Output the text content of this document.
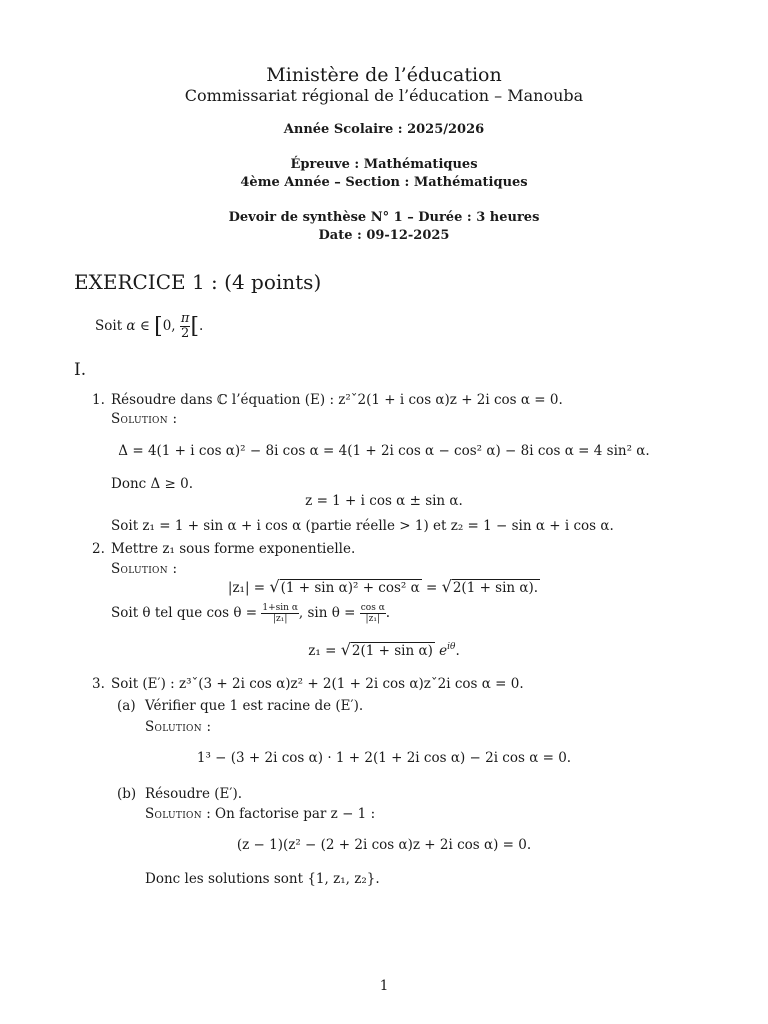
Ministère de l’éducation
Commissariat régional de l’éducation – Manouba
Année Scolaire : 2025/2026
Épreuve : Mathématiques
4ème Année – Section : Mathématiques
Devoir de synthèse N° 1 – Durée : 3 heures
Date : 09-12-2025
EXERCICE 1 : (4 points)
Soit α ∈ [0, $\frac{\pi}{2}$ [.
I.
1. Résoudre dans ℂ l’équation (E) : z²ˇ2(1 + i cos α)z + 2i cos α = 0.
Solution :
Δ = 4(1 + i cos α)² − 8i cos α = 4(1 + 2i cos α − cos² α) − 8i cos α = 4 sin² α.
Donc Δ ≥ 0.
z = 1 + i cos α ± sin α.
Soit z₁ = 1 + sin α + i cos α (partie réelle > 1) et z₂ = 1 − sin α + i cos α.
2. Mettre z₁ sous forme exponentielle.
Solution :
|z₁| = √(1 + sin α)² + cos² α = √2(1 + sin α).
Soit θ tel que $\cos \theta = \frac{\text{1+sin α}}{\text{|z₁|}}$ , $\sin \theta = \frac{\text{cos α}}{\text{|z₁|}}$ .
z₁ = √2(1 + sin α) $e^{i\theta}$.
3. Soit (E′) : z³ˇ(3 + 2i cos α)z² + 2(1 + 2i cos α)zˇ2i cos α = 0.
(a) Vérifier que 1 est racine de (E′).
Solution :
1³ − (3 + 2i cos α) · 1 + 2(1 + 2i cos α) − 2i cos α = 0.
(b) Résoudre (E′).
Solution : On factorise par z − 1 :
(z − 1)(z² − (2 + 2i cos α)z + 2i cos α) = 0.
Donc les solutions sont {1, z₁, z₂}.
1
